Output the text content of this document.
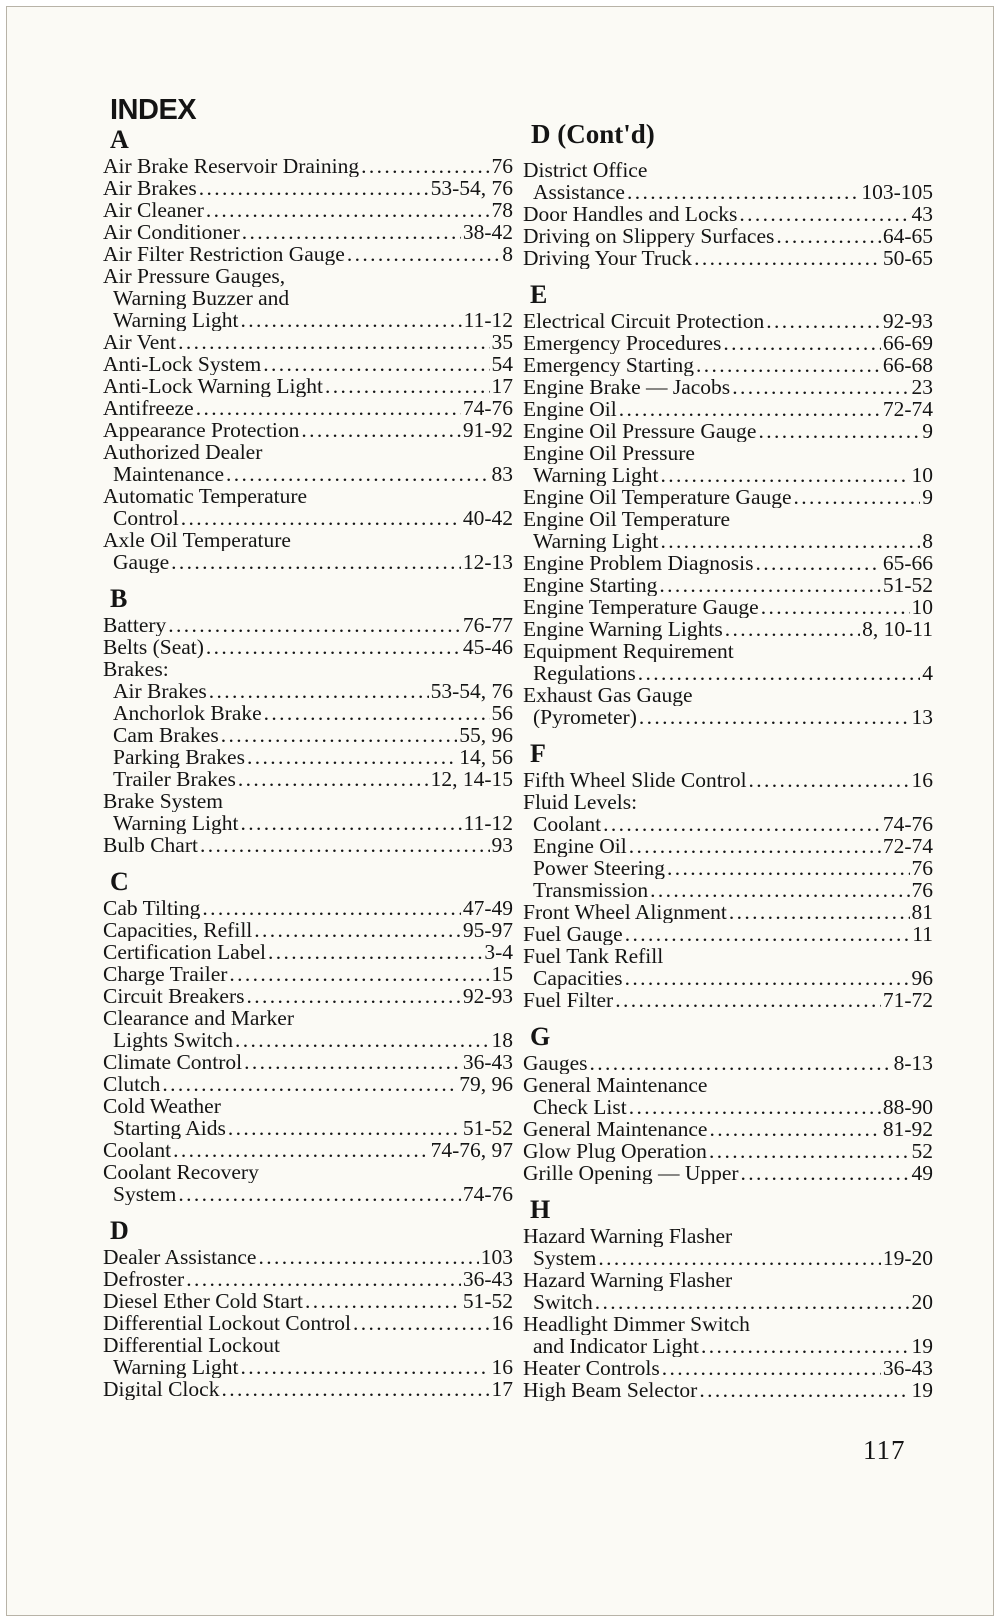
INDEX
A
Air Brake Reservoir Draining . . .	76
Air Brakes . . .	53-54, 76
Air Cleaner . . .	78
Air Conditioner . . .	38-42
Air Filter Restriction Gauge . . .	8
Air Pressure Gauges,
Warning Buzzer and
Warning Light . . .	11-12
Air Vent . . .	35
Anti-Lock System . . .	54
Anti-Lock Warning Light . . .	17
Antifreeze . . .	74-76
Appearance Protection . . .	91-92
Authorized Dealer
Maintenance . . .	83
Automatic Temperature
Control . . .	40-42
Axle Oil Temperature
Gauge . . .	12-13
B
Battery . . .	76-77
Belts (Seat) . . .	45-46
Brakes:
Air Brakes . . .	53-54, 76
Anchorlok Brake . . .	56
Cam Brakes . . .	55, 96
Parking Brakes . . .	14, 56
Trailer Brakes . . .	12, 14-15
Brake System
Warning Light . . .	11-12
Bulb Chart . . .	93
C
Cab Tilting . . .	47-49
Capacities, Refill . . .	95-97
Certification Label . . .	3-4
Charge Trailer . . .	15
Circuit Breakers . . .	92-93
Clearance and Marker
Lights Switch . . .	18
Climate Control . . .	36-43
Clutch . . .	79, 96
Cold Weather
Starting Aids . . .	51-52
Coolant . . .	74-76, 97
Coolant Recovery
System . . .	74-76
D
Dealer Assistance . . .	103
Defroster . . .	36-43
Diesel Ether Cold Start . . .	51-52
Differential Lockout Control . . .	16
Differential Lockout
Warning Light . . .	16
Digital Clock . . .	17
D (Cont'd)
District Office
Assistance . . .	103-105
Door Handles and Locks . . .	43
Driving on Slippery Surfaces . . .	64-65
Driving Your Truck . . .	50-65
E
Electrical Circuit Protection . . .	92-93
Emergency Procedures . . .	66-69
Emergency Starting . . .	66-68
Engine Brake — Jacobs . . .	23
Engine Oil . . .	72-74
Engine Oil Pressure Gauge . . .	9
Engine Oil Pressure
Warning Light . . .	10
Engine Oil Temperature Gauge . . .	9
Engine Oil Temperature
Warning Light . . .	8
Engine Problem Diagnosis . . .	65-66
Engine Starting . . .	51-52
Engine Temperature Gauge . . .	10
Engine Warning Lights . . .	8, 10-11
Equipment Requirement
Regulations . . .	4
Exhaust Gas Gauge
(Pyrometer) . . .	13
F
Fifth Wheel Slide Control . . .	16
Fluid Levels:
Coolant . . .	74-76
Engine Oil . . .	72-74
Power Steering . . .	76
Transmission . . .	76
Front Wheel Alignment . . .	81
Fuel Gauge . . .	11
Fuel Tank Refill
Capacities . . .	96
Fuel Filter . . .	71-72
G
Gauges . . .	8-13
General Maintenance
Check List . . .	88-90
General Maintenance . . .	81-92
Glow Plug Operation . . .	52
Grille Opening — Upper . . .	49
H
Hazard Warning Flasher
System . . .	19-20
Hazard Warning Flasher
Switch . . .	20
Headlight Dimmer Switch
and Indicator Light . . .	19
Heater Controls . . .	36-43
High Beam Selector . . .	19
117
